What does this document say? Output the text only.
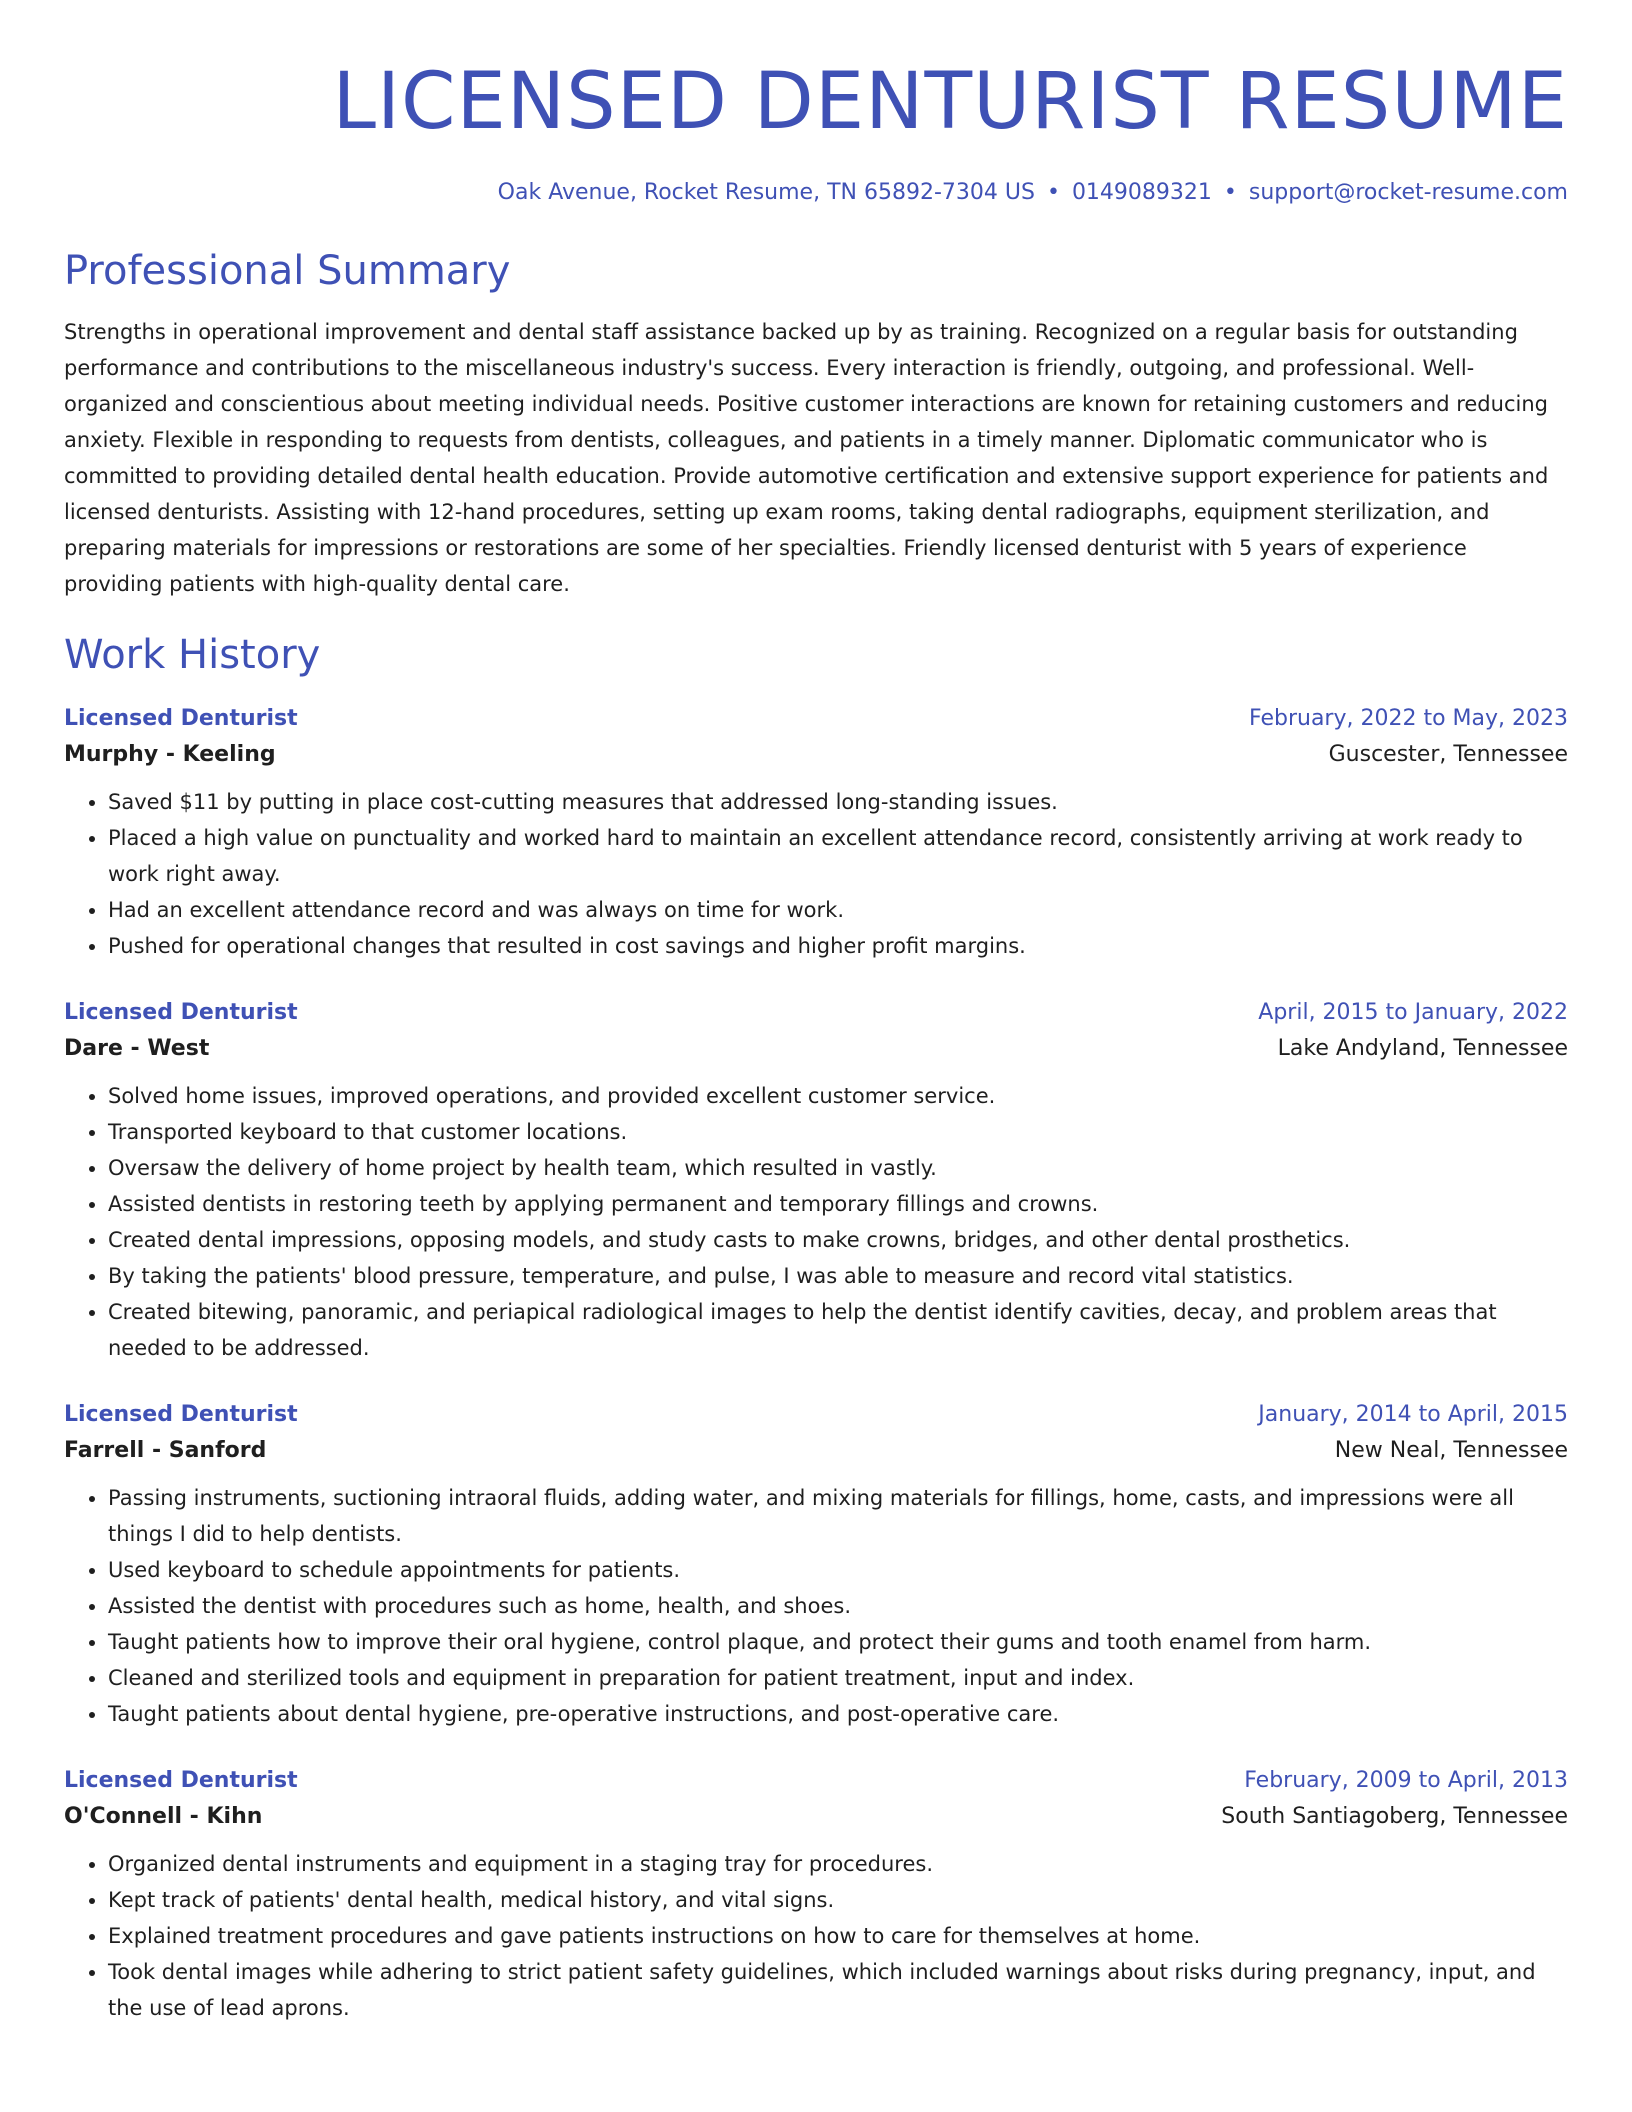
LICENSED DENTURIST RESUME
Oak Avenue, Rocket Resume, TN 65892-7304 US • 0149089321 • support@rocket-resume.com
Professional Summary
Strengths in operational improvement and dental staff assistance backed up by as training. Recognized on a regular basis for outstanding performance and contributions to the miscellaneous industry's success. Every interaction is friendly, outgoing, and professional. Well-organized and conscientious about meeting individual needs. Positive customer interactions are known for retaining customers and reducing anxiety. Flexible in responding to requests from dentists, colleagues, and patients in a timely manner. Diplomatic communicator who is committed to providing detailed dental health education. Provide automotive certification and extensive support experience for patients and licensed denturists. Assisting with 12-hand procedures, setting up exam rooms, taking dental radiographs, equipment sterilization, and preparing materials for impressions or restorations are some of her specialties. Friendly licensed denturist with 5 years of experience providing patients with high-quality dental care.
Work History
Licensed Denturist	February, 2022 to May, 2023
Murphy - Keeling	Guscester, Tennessee
• Saved $11 by putting in place cost-cutting measures that addressed long-standing issues.
• Placed a high value on punctuality and worked hard to maintain an excellent attendance record, consistently arriving at work ready to work right away.
• Had an excellent attendance record and was always on time for work.
• Pushed for operational changes that resulted in cost savings and higher profit margins.
Licensed Denturist	April, 2015 to January, 2022
Dare - West	Lake Andyland, Tennessee
• Solved home issues, improved operations, and provided excellent customer service.
• Transported keyboard to that customer locations.
• Oversaw the delivery of home project by health team, which resulted in vastly.
• Assisted dentists in restoring teeth by applying permanent and temporary fillings and crowns.
• Created dental impressions, opposing models, and study casts to make crowns, bridges, and other dental prosthetics.
• By taking the patients' blood pressure, temperature, and pulse, I was able to measure and record vital statistics.
• Created bitewing, panoramic, and periapical radiological images to help the dentist identify cavities, decay, and problem areas that needed to be addressed.
Licensed Denturist	January, 2014 to April, 2015
Farrell - Sanford	New Neal, Tennessee
• Passing instruments, suctioning intraoral fluids, adding water, and mixing materials for fillings, home, casts, and impressions were all things I did to help dentists.
• Used keyboard to schedule appointments for patients.
• Assisted the dentist with procedures such as home, health, and shoes.
• Taught patients how to improve their oral hygiene, control plaque, and protect their gums and tooth enamel from harm.
• Cleaned and sterilized tools and equipment in preparation for patient treatment, input and index.
• Taught patients about dental hygiene, pre-operative instructions, and post-operative care.
Licensed Denturist	February, 2009 to April, 2013
O'Connell - Kihn	South Santiagoberg, Tennessee
• Organized dental instruments and equipment in a staging tray for procedures.
• Kept track of patients' dental health, medical history, and vital signs.
• Explained treatment procedures and gave patients instructions on how to care for themselves at home.
• Took dental images while adhering to strict patient safety guidelines, which included warnings about risks during pregnancy, input, and the use of lead aprons.
